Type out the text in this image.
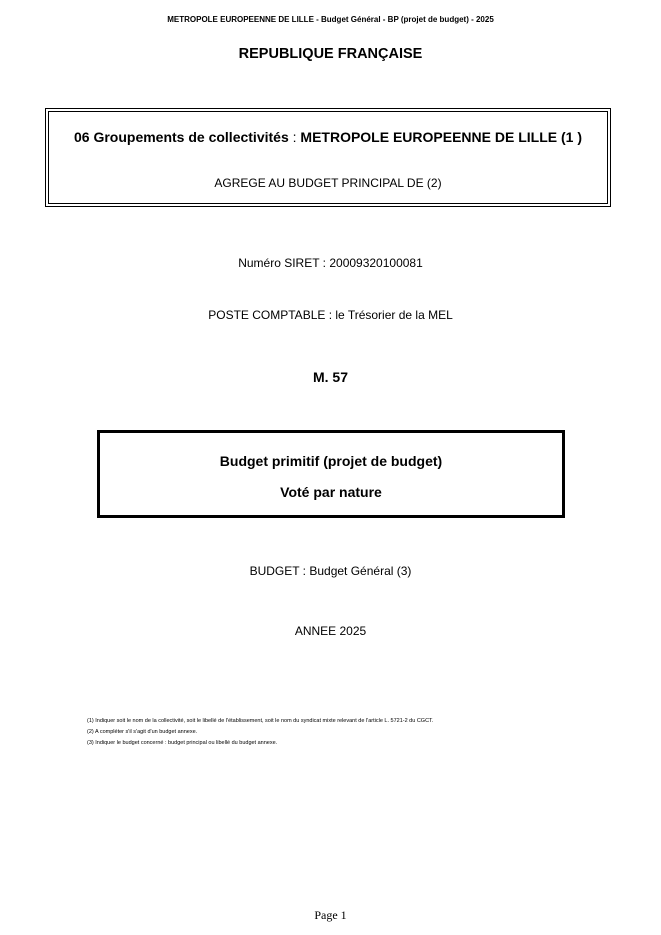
METROPOLE EUROPEENNE DE LILLE - Budget Général - BP (projet de budget) - 2025
REPUBLIQUE FRANÇAISE
06 Groupements de collectivités : METROPOLE EUROPEENNE DE LILLE (1 )
AGREGE AU BUDGET PRINCIPAL DE (2)
Numéro SIRET : 20009320100081
POSTE COMPTABLE : le Trésorier de la MEL
M. 57
Budget primitif (projet de budget)
Voté par nature
BUDGET : Budget Général (3)
ANNEE 2025
(1) Indiquer soit le nom de la collectivité, soit le libellé de l'établissement, soit le nom du syndicat mixte relevant de l'article L. 5721-2 du CGCT.
(2) A compléter s'il s'agit d'un budget annexe.
(3) Indiquer le budget concerné : budget principal ou libellé du budget annexe.
Page 1
